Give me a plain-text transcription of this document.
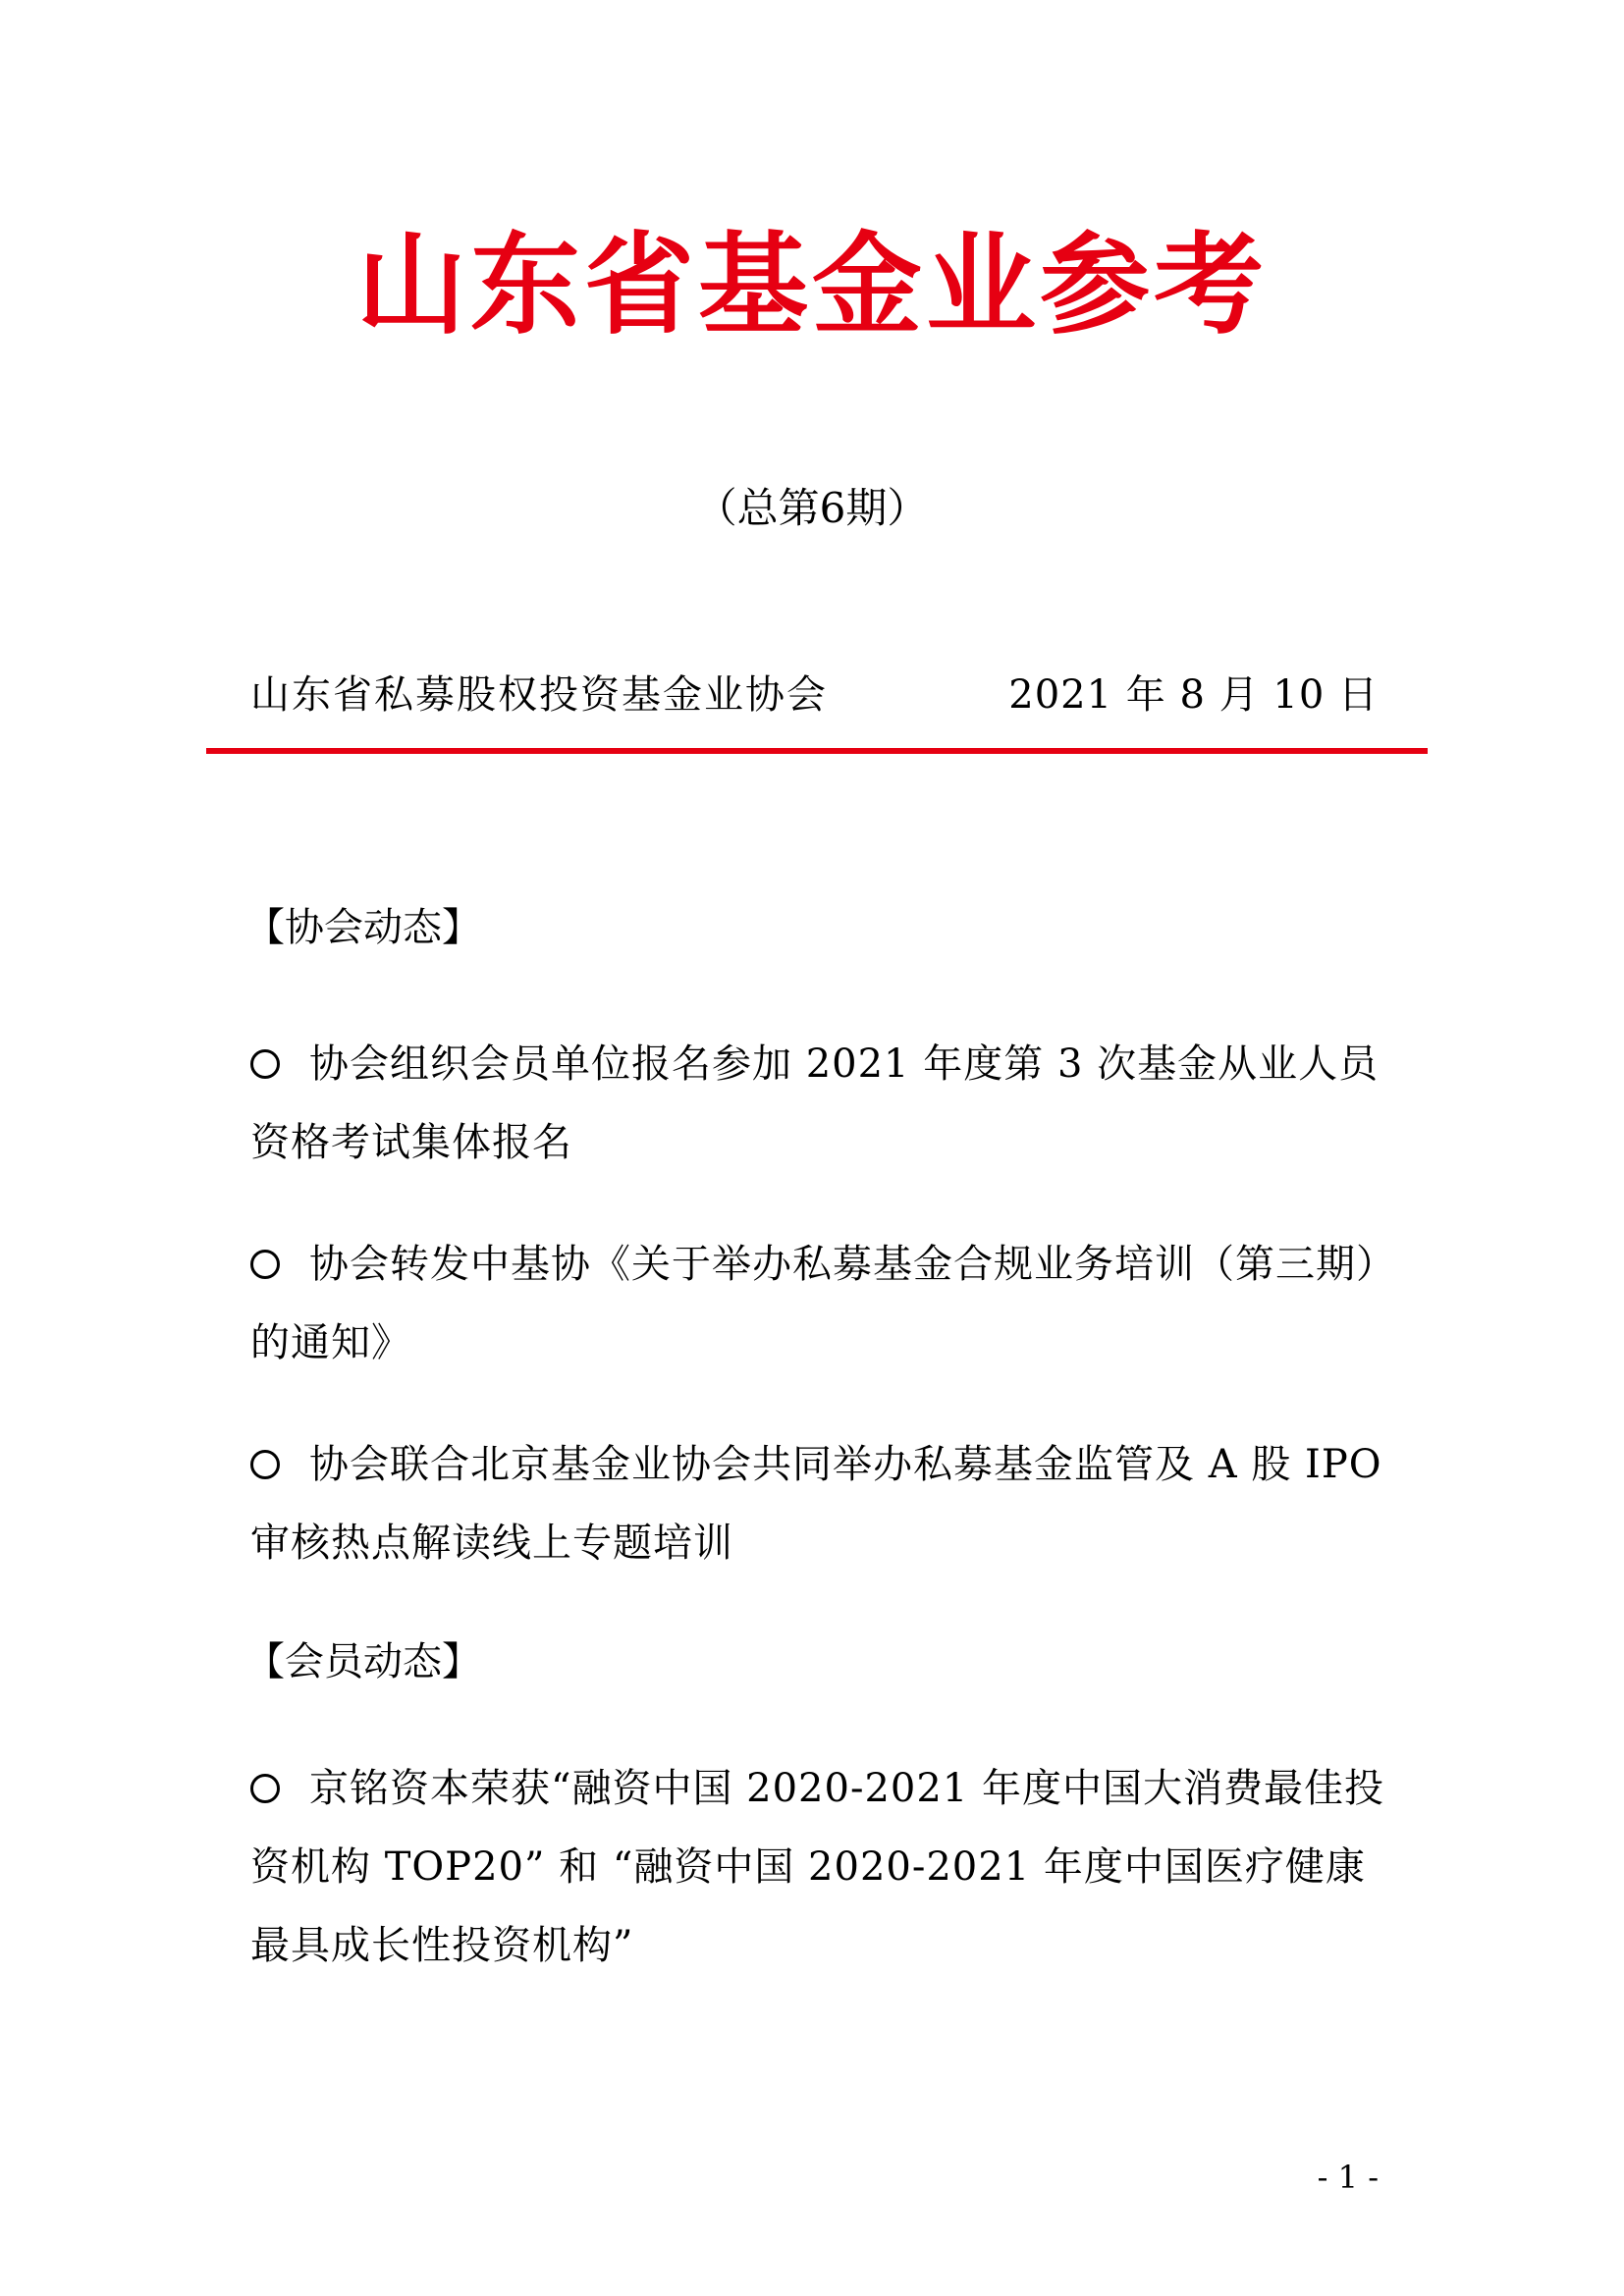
山东省基金业参考
（总第6期）
山东省私募股权投资基金业协会	2021 年 8 月 10 日
【协会动态】
协会组织会员单位报名参加 2021 年度第 3 次基金从业人员资格考试集体报名
协会转发中基协《关于举办私募基金合规业务培训（第三期）的通知》
协会联合北京基金业协会共同举办私募基金监管及 A 股 IPO 审核热点解读线上专题培训
【会员动态】
京铭资本荣获“融资中国 2020-2021 年度中国大消费最佳投资机构 TOP20” 和 “融资中国 2020-2021 年度中国医疗健康最具成长性投资机构”
- 1 -
